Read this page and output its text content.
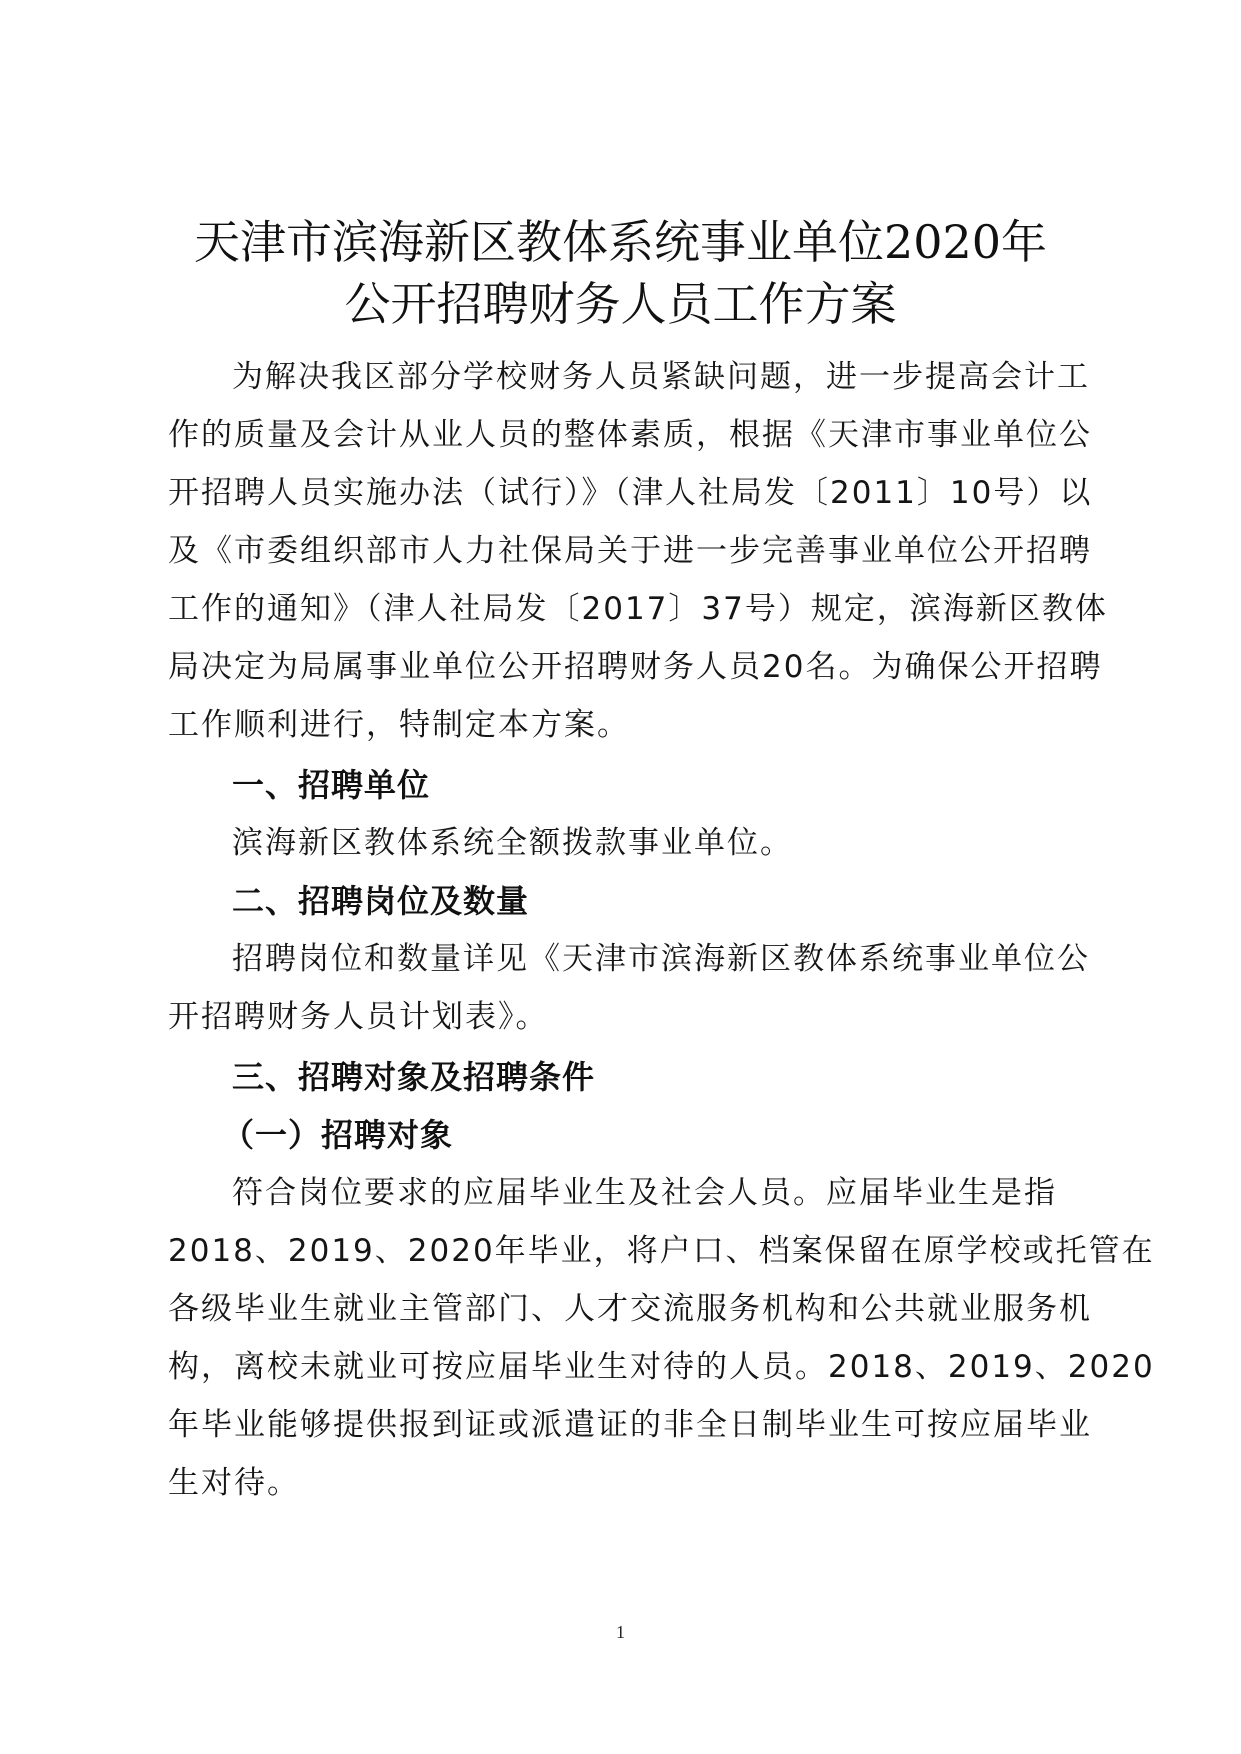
天津市滨海新区教体系统事业单位2020年
公开招聘财务人员工作方案
为解决我区部分学校财务人员紧缺问题，进一步提高会计工
作的质量及会计从业人员的整体素质，根据《天津市事业单位公
开招聘人员实施办法（试行）》（津人社局发〔2011〕10号）以
及《市委组织部市人力社保局关于进一步完善事业单位公开招聘
工作的通知》（津人社局发〔2017〕37号）规定，滨海新区教体
局决定为局属事业单位公开招聘财务人员20名。为确保公开招聘
工作顺利进行，特制定本方案。
一、招聘单位
滨海新区教体系统全额拨款事业单位。
二、招聘岗位及数量
招聘岗位和数量详见《天津市滨海新区教体系统事业单位公
开招聘财务人员计划表》。
三、招聘对象及招聘条件
（一）招聘对象
符合岗位要求的应届毕业生及社会人员。应届毕业生是指
2018、2019、2020年毕业，将户口、档案保留在原学校或托管在
各级毕业生就业主管部门、人才交流服务机构和公共就业服务机
构，离校未就业可按应届毕业生对待的人员。2018、2019、2020
年毕业能够提供报到证或派遣证的非全日制毕业生可按应届毕业
生对待。
1
